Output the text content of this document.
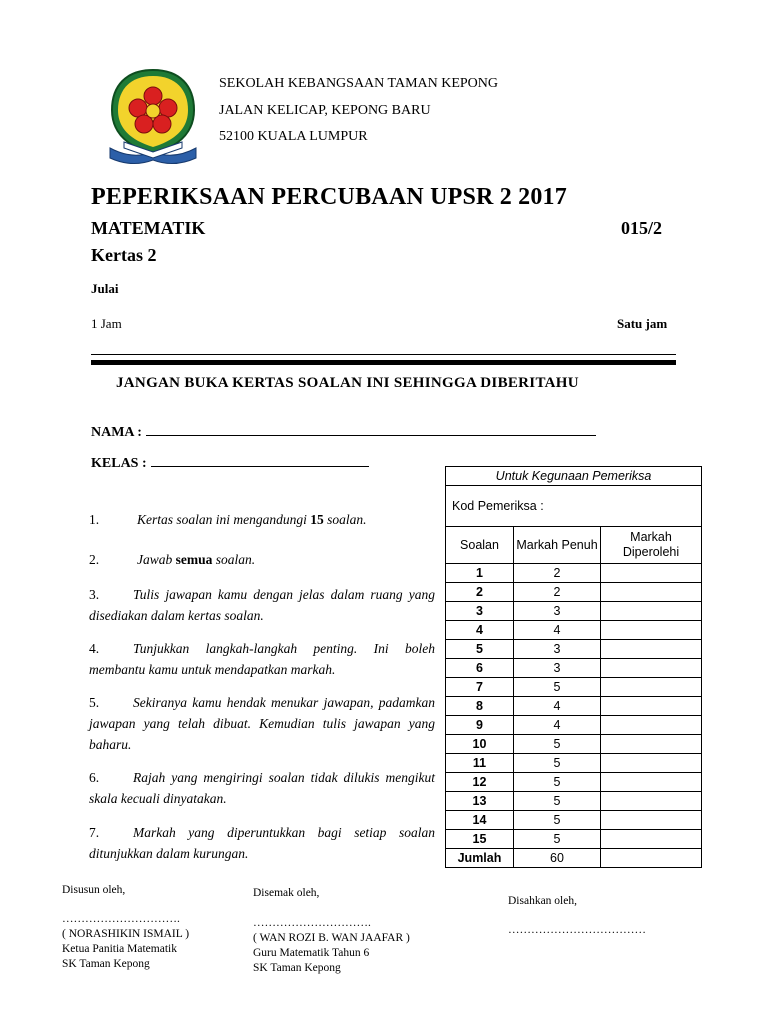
SEKOLAH KEBANGSAAN TAMAN KEPONG
JALAN KELICAP, KEPONG BARU
52100 KUALA LUMPUR
PEPERIKSAAN PERCUBAAN UPSR 2 2017
MATEMATIK	015/2
Kertas 2
Julai
1 Jam	Satu jam
JANGAN BUKA KERTAS SOALAN INI SEHINGGA DIBERITAHU
NAMA :
KELAS :
1.	Kertas soalan ini mengandungi 15 soalan.
2.	Jawab semua soalan.
3.	Tulis jawapan kamu dengan jelas dalam ruang yang disediakan dalam kertas soalan.
4.	Tunjukkan langkah-langkah penting. Ini boleh membantu kamu untuk mendapatkan markah.
5.	Sekiranya kamu hendak menukar jawapan, padamkan jawapan yang telah dibuat. Kemudian tulis jawapan yang baharu.
6.	Rajah yang mengiringi soalan tidak dilukis mengikut skala kecuali dinyatakan.
7.	Markah yang diperuntukkan bagi setiap soalan ditunjukkan dalam kurungan.
Untuk Kegunaan Pemeriksa		
Kod Pemeriksa :		
Soalan	Markah Penuh	Markah Diperolehi
1	2	
2	2	
3	3	
4	4	
5	3	
6	3	
7	5	
8	4	
9	4	
10	5	
11	5	
12	5	
13	5	
14	5	
15	5	
Jumlah	60	
Disusun oleh,
………………………….
( NORASHIKIN ISMAIL )
Ketua Panitia Matematik
SK Taman Kepong
Disemak oleh,
………………………….
( WAN ROZI B. WAN JAAFAR )
Guru Matematik Tahun 6
SK Taman Kepong
Disahkan oleh,
………………………………
